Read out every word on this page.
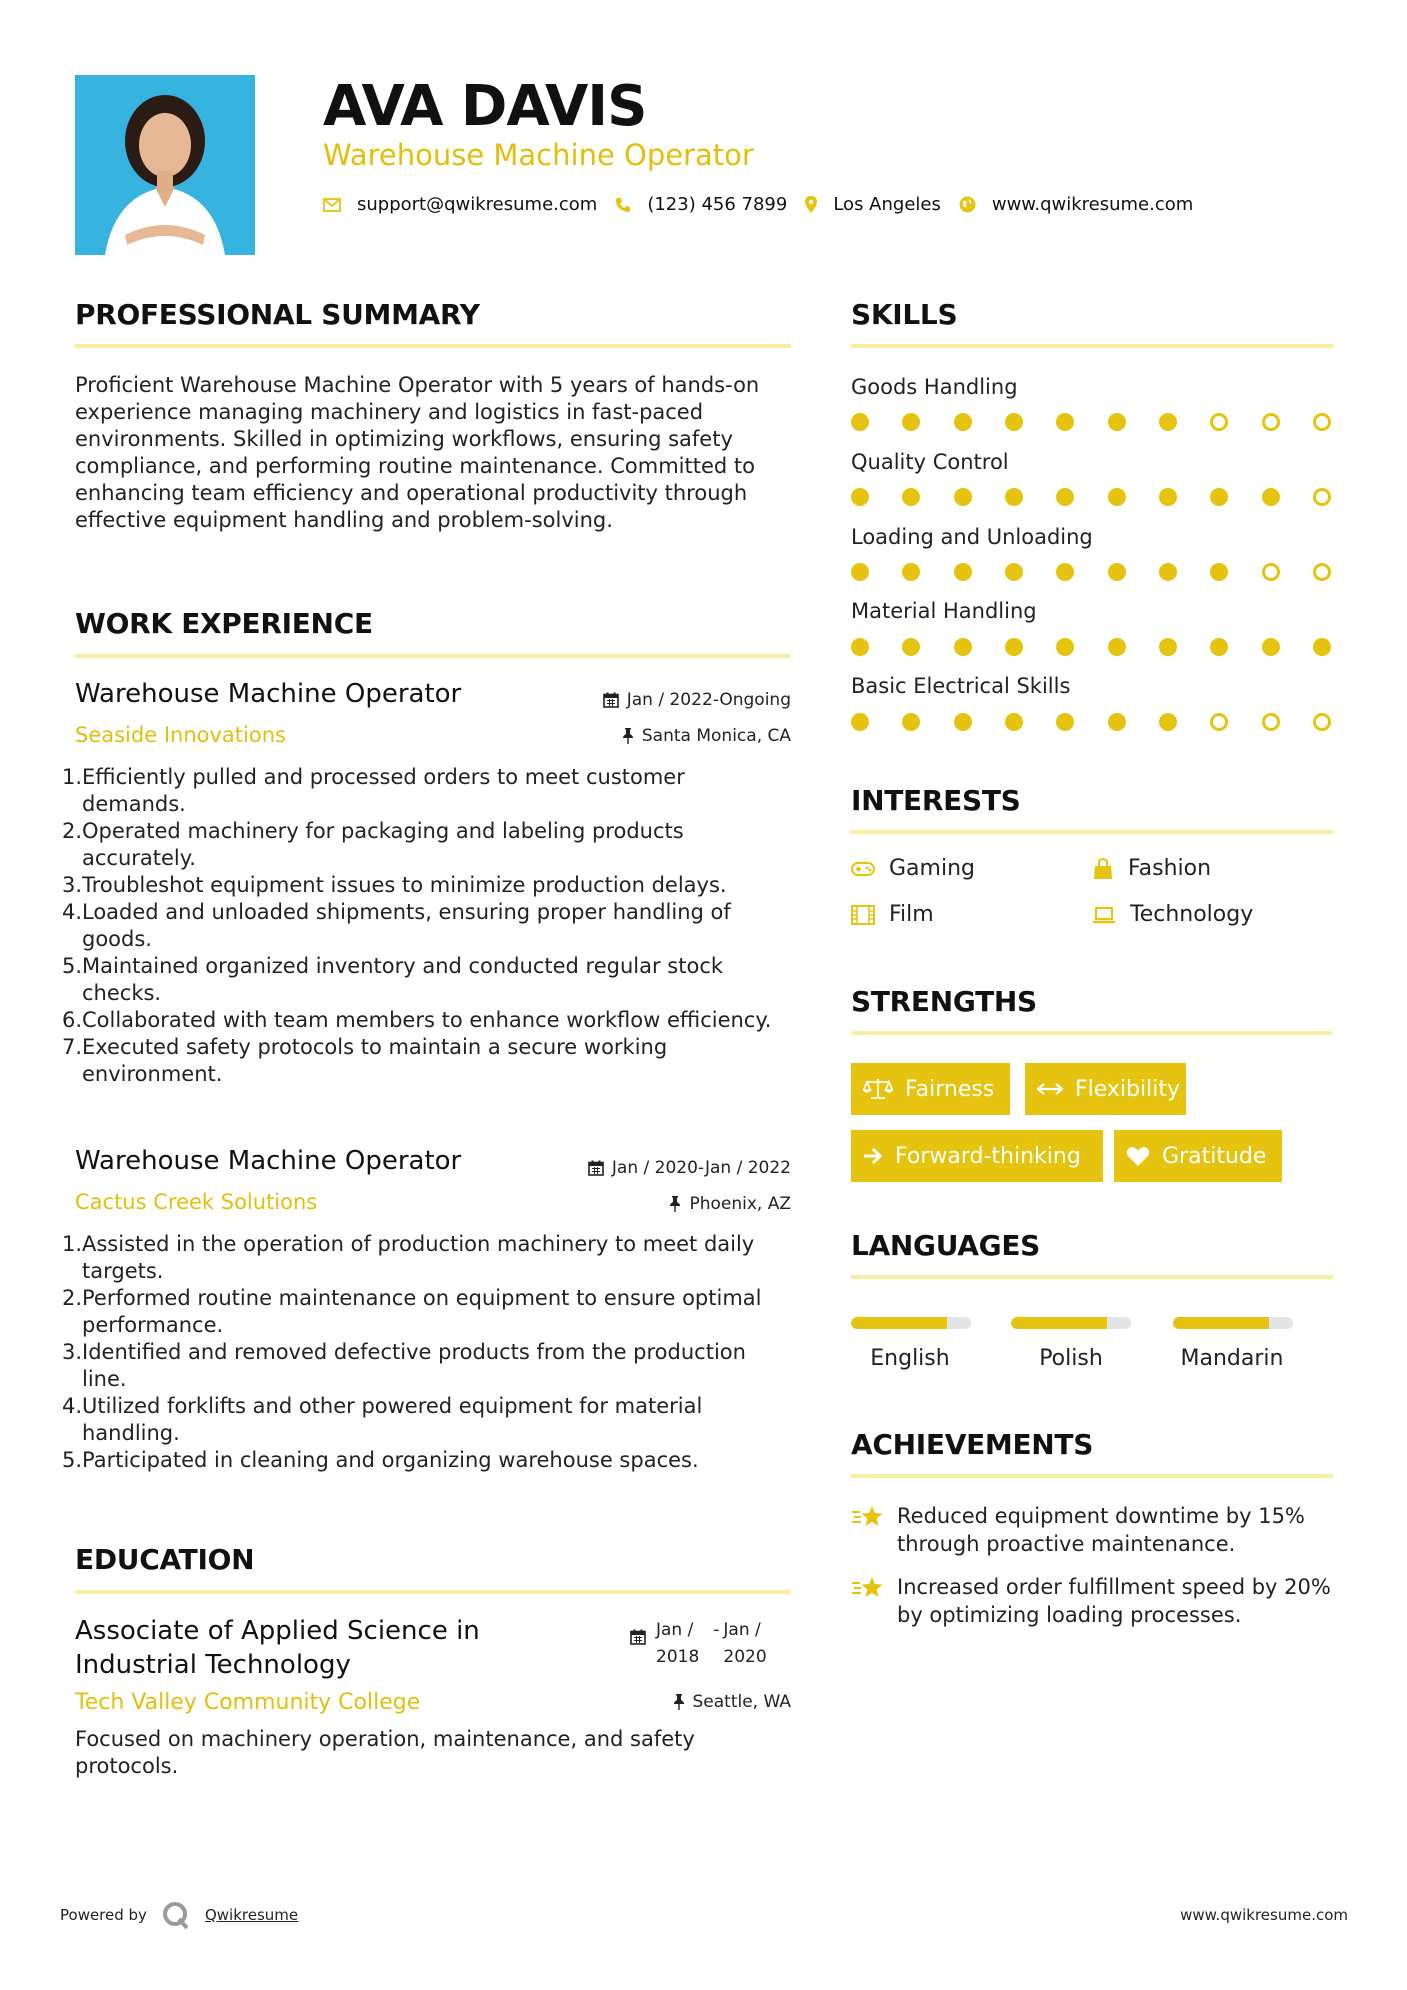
AVA DAVIS
Warehouse Machine Operator
support@qwikresume.com	(123) 456 7899	Los Angeles	www.qwikresume.com
PROFESSIONAL SUMMARY
Proficient Warehouse Machine Operator with 5 years of hands-on experience managing machinery and logistics in fast-paced environments. Skilled in optimizing workflows, ensuring safety compliance, and performing routine maintenance. Committed to enhancing team efficiency and operational productivity through effective equipment handling and problem-solving.
WORK EXPERIENCE
Warehouse Machine Operator	Jan / 2022-Ongoing
Seaside Innovations	Santa Monica, CA
1. Efficiently pulled and processed orders to meet customer demands.
2. Operated machinery for packaging and labeling products accurately.
3. Troubleshot equipment issues to minimize production delays.
4. Loaded and unloaded shipments, ensuring proper handling of goods.
5. Maintained organized inventory and conducted regular stock checks.
6. Collaborated with team members to enhance workflow efficiency.
7. Executed safety protocols to maintain a secure working environment.
Warehouse Machine Operator	Jan / 2020-Jan / 2022
Cactus Creek Solutions	Phoenix, AZ
1. Assisted in the operation of production machinery to meet daily targets.
2. Performed routine maintenance on equipment to ensure optimal performance.
3. Identified and removed defective products from the production line.
4. Utilized forklifts and other powered equipment for material handling.
5. Participated in cleaning and organizing warehouse spaces.
EDUCATION
Associate of Applied Science in Industrial Technology
Jan /
2018
- Jan /
2020
Tech Valley Community College	Seattle, WA
Focused on machinery operation, maintenance, and safety protocols.
SKILLS
Goods Handling
Quality Control
Loading and Unloading
Material Handling
Basic Electrical Skills
INTERESTS
Gaming	Fashion
Film	Technology
STRENGTHS
Fairness	Flexibility
Forward-thinking	Gratitude
LANGUAGES
English	Polish	Mandarin
ACHIEVEMENTS
Reduced equipment downtime by 15% through proactive maintenance.
Increased order fulfillment speed by 20% by optimizing loading processes.
Powered by	Qwikresume	www.qwikresume.com
